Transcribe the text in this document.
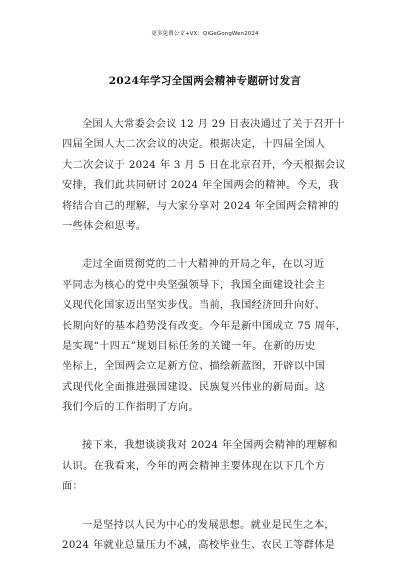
更多免费公文+VX：QiGeGongWen2024
2024年学习全国两会精神专题研讨发言
全国人大常委会会议 12 月 29 日表决通过了关于召开十
四届全国人大二次会议的决定。根据决定，十四届全国人
大二次会议于 2024 年 3 月 5 日在北京召开，今天根据会议
安排，我们此共同研讨 2024 年全国两会的精神。今天，我
将结合自己的理解，与大家分享对 2024 年全国两会精神的
一些体会和思考。
走过全面贯彻党的二十大精神的开局之年，在以习近
平同志为核心的党中央坚强领导下，我国全面建设社会主
义现代化国家迈出坚实步伐。当前，我国经济回升向好、
长期向好的基本趋势没有改变。今年是新中国成立 75 周年，
是实现“十四五”规划目标任务的关键一年。在新的历史
坐标上，全国两会立足新方位、描绘新蓝图，开辟以中国
式现代化全面推进强国建设、民族复兴伟业的新局面。这
我们今后的工作指明了方向。
接下来，我想谈谈我对 2024 年全国两会精神的理解和
认识。在我看来，今年的两会精神主要体现在以下几个方
面：
一是坚持以人民为中心的发展思想。就业是民生之本，
2024 年就业总量压力不减，高校毕业生、农民工等群体是
